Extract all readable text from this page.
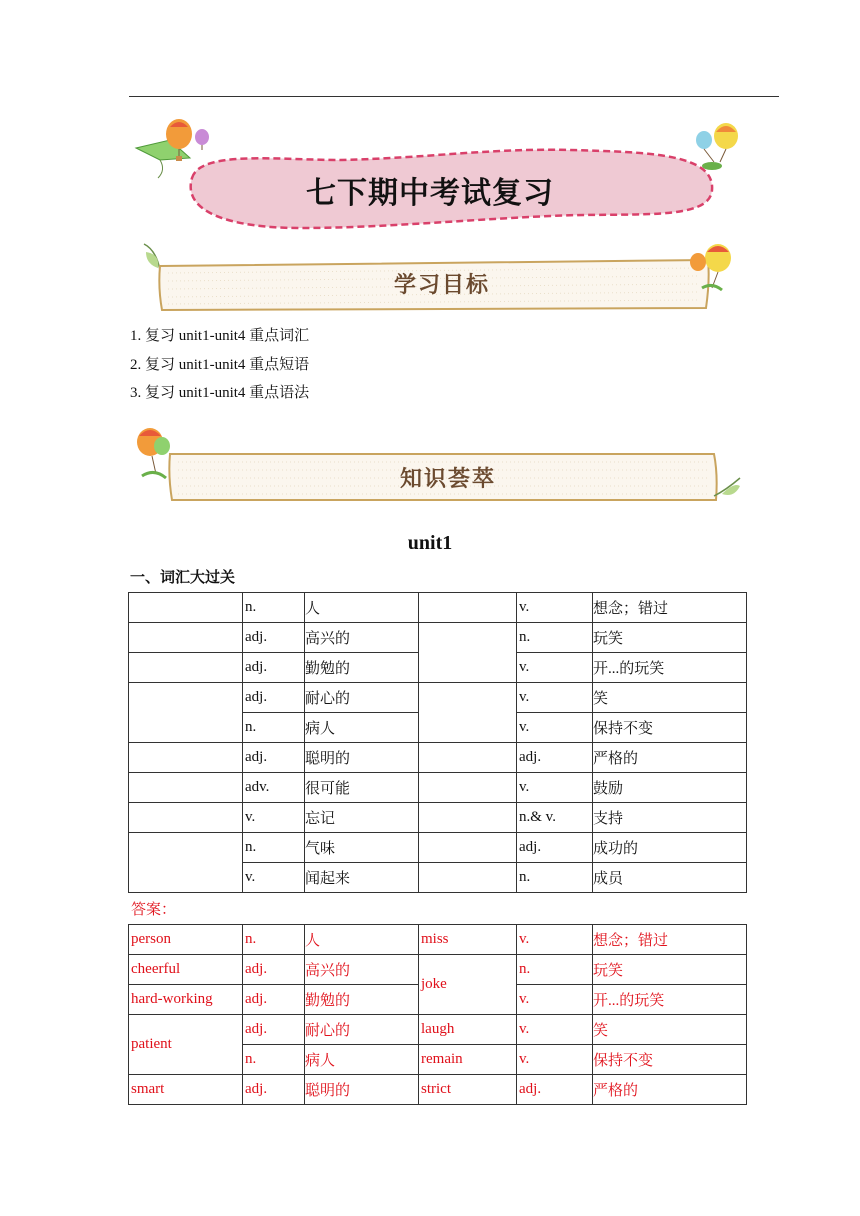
七下期中考试复习
学习目标
1. 复习 unit1-unit4 重点词汇
2. 复习 unit1-unit4 重点短语
3. 复习 unit1-unit4 重点语法
知识荟萃
unit1
一、词汇大过关
	n.	人		v.	想念；错过
	adj.	高兴的		n.	玩笑
	adj.	勤勉的		v.	开...的玩笑
	adj.	耐心的		v.	笑
	n.	病人		v.	保持不变
	adj.	聪明的		adj.	严格的
	adv.	很可能		v.	鼓励
	v.	忘记		n.& v.	支持
	n.	气味		adj.	成功的
	v.	闻起来		n.	成员
答案：
person	n.	人	miss	v.	想念；错过
cheerful	adj.	高兴的	joke	n.	玩笑
hard-working	adj.	勤勉的		v.	开...的玩笑
patient	adj.	耐心的	laugh	v.	笑
	n.	病人	remain	v.	保持不变
smart	adj.	聪明的	strict	adj.	严格的
